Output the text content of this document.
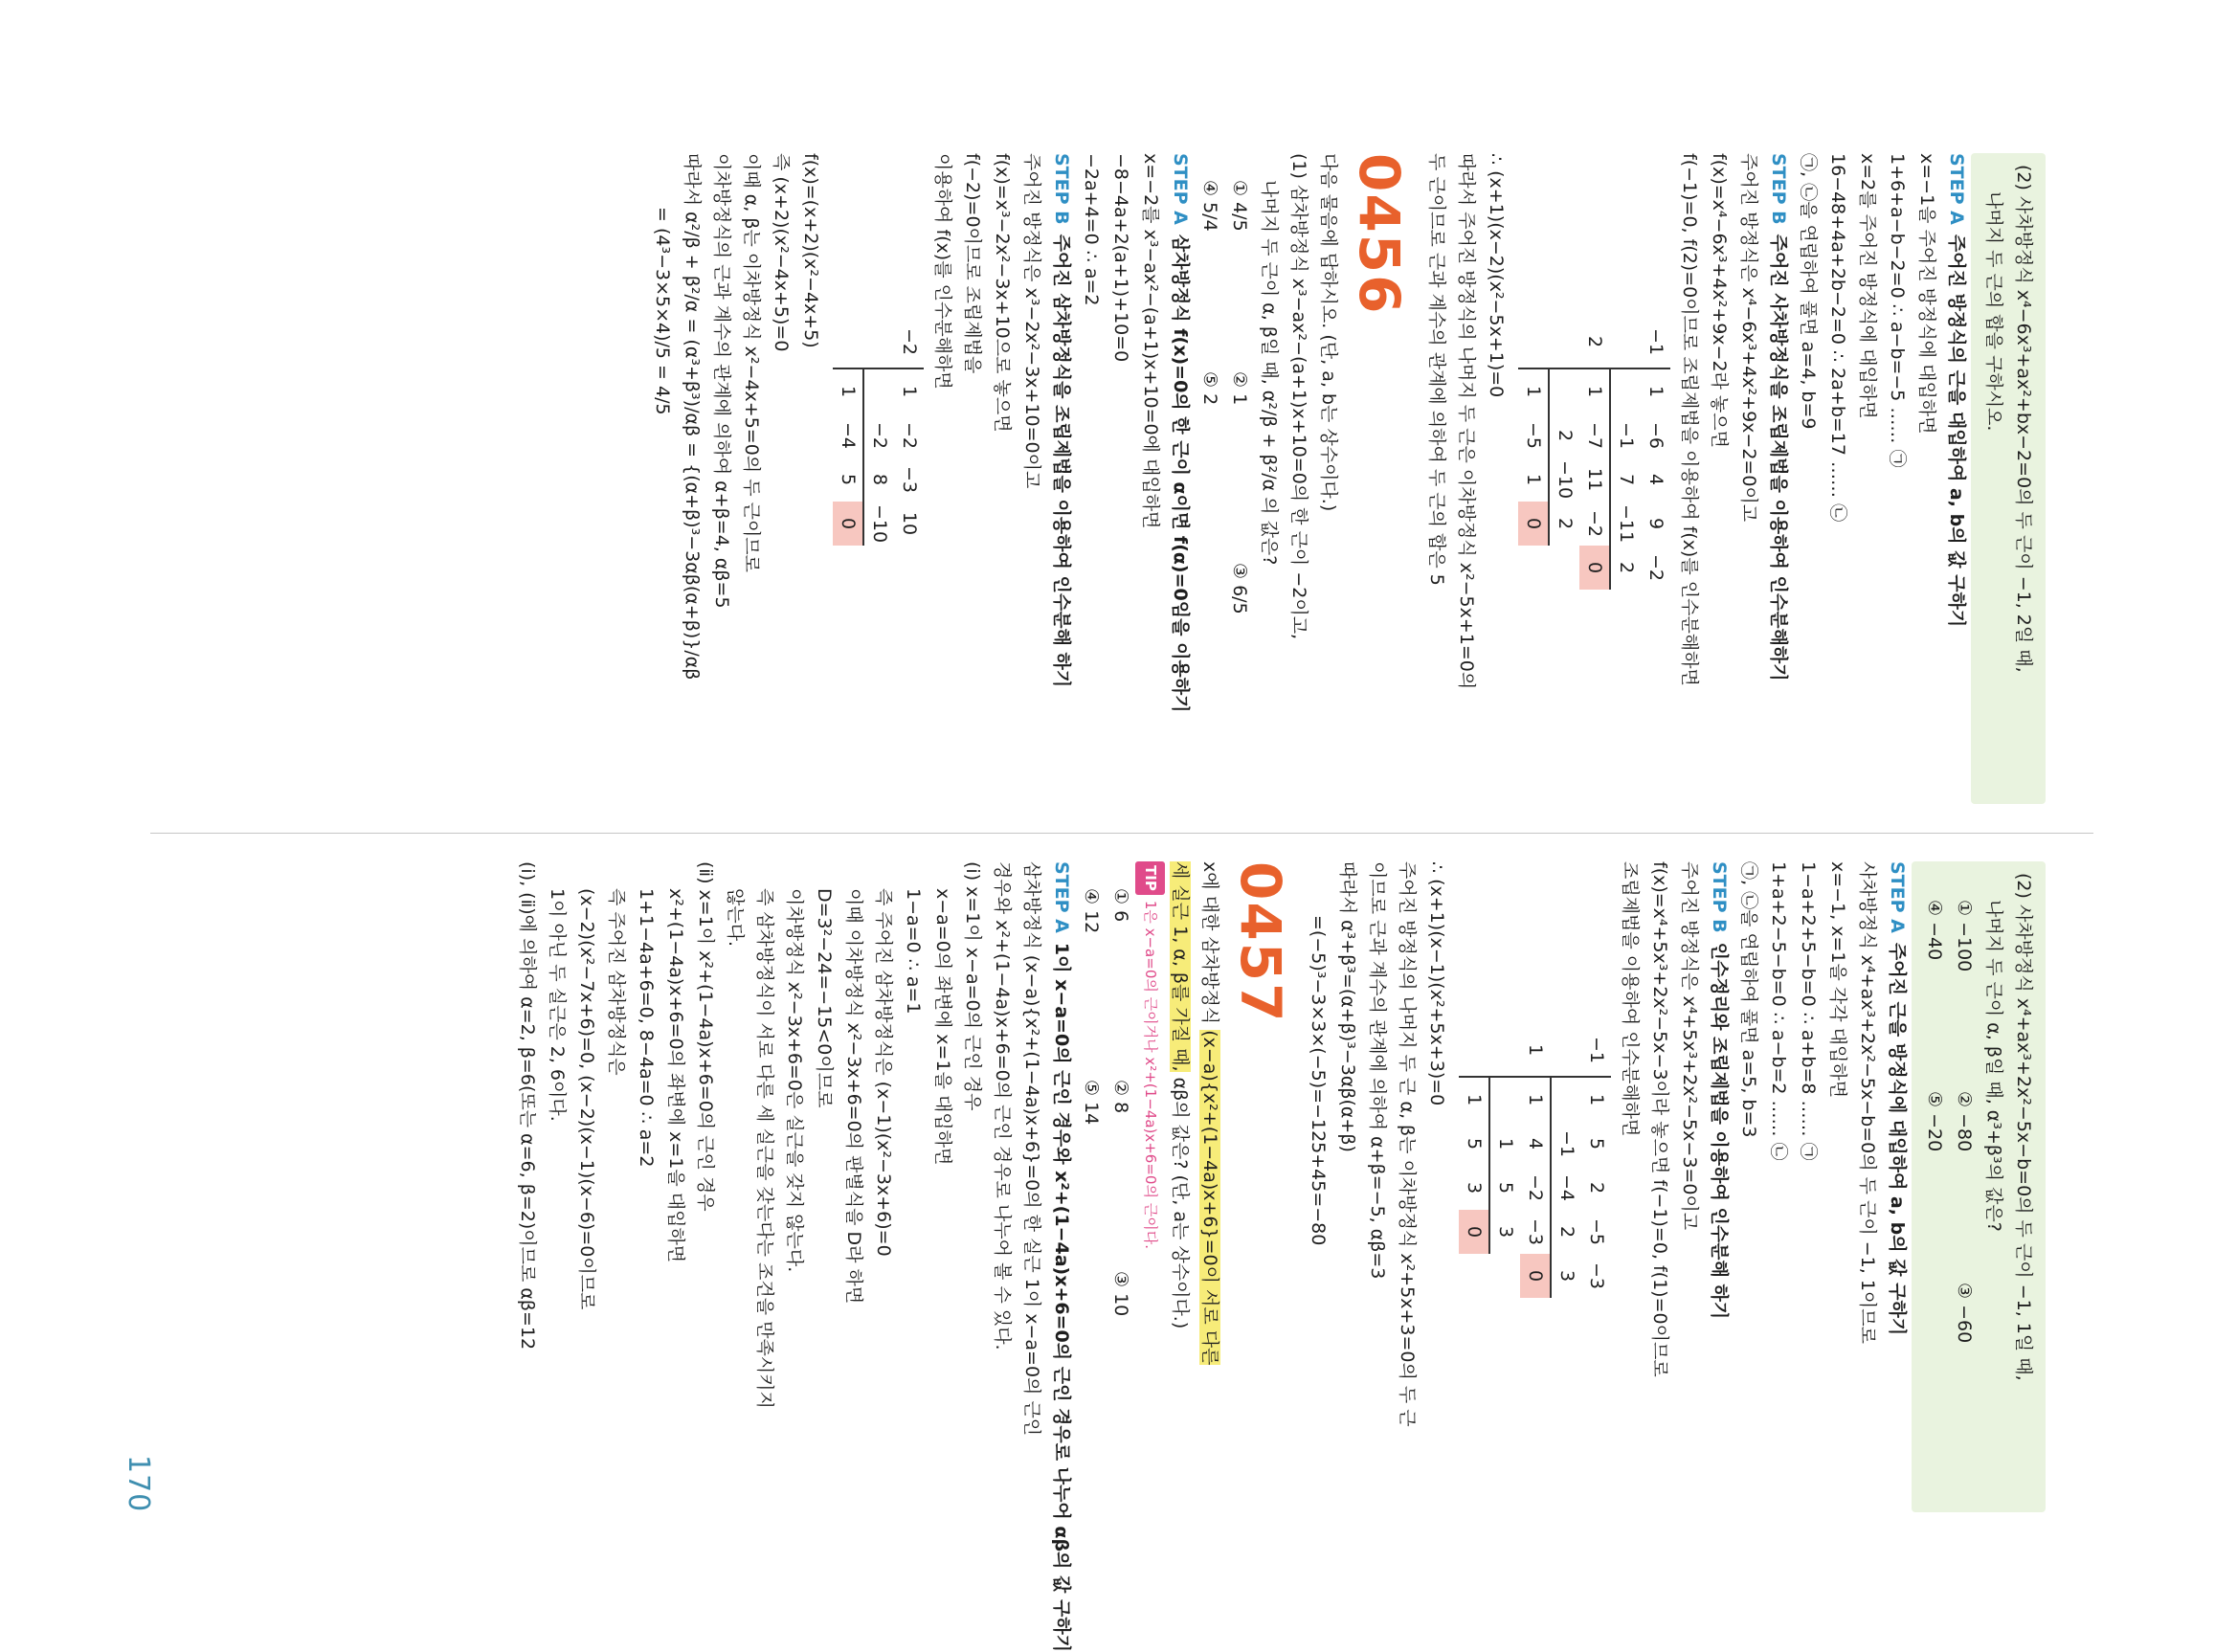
170

(2) 사차방정식 x⁴−6x³+ax²+bx−2=0의 두 근이 −1, 2일 때,

나머지 두 근의 합을 구하시오.

STEP A주어진 방정식의 근을 대입하여 a, b의 값 구하기

x=−1을 주어진 방정식에 대입하면

1+6+a−b−2=0 ∴ a−b=−5 …… ㉠

x=2를 주어진 방정식에 대입하면

16−48+4a+2b−2=0 ∴ 2a+b=17 …… ㉡

㉠, ㉡을 연립하여 풀면 a=4, b=9

STEP B주어진 사차방정식을 조립제법을 이용하여 인수분해하기

주어진 방정식은 x⁴−6x³+4x²+9x−2=0이고

f(x)=x⁴−6x³+4x²+9x−2라 놓으면

f(−1)=0, f(2)=0이므로 조립제법을 이용하여 f(x)를 인수분해하면

−1	1	−6	4	9	−2
		−1	7	−11	2
2	1	−7	11	−2	0
		2	−10	2	
	1	−5	1	0	

∴ (x+1)(x−2)(x²−5x+1)=0

따라서 주어진 방정식의 나머지 두 근은 이차방정식 x²−5x+1=0의

두 근이므로 근과 계수의 관계에 의하여 두 근의 합은 5

0456

다음 물음에 답하시오. (단, a, b는 상수이다.)

(1) 삼차방정식 x³−ax²−(a+1)x+10=0의 한 근이 −2이고,

나머지 두 근이 α, β일 때, α²/β + β²/α 의 값은?

① 4/5
② 1
③ 6/5
④ 5/4
⑤ 2

STEP A삼차방정식 f(x)=0의 한 근이 α이면 f(α)=0임을 이용하기

x=−2를 x³−ax²−(a+1)x+10=0에 대입하면

−8−4a+2(a+1)+10=0

−2a+4=0 ∴ a=2

STEP B주어진 삼차방정식을 조립제법을 이용하여 인수분해 하기

주어진 방정식은 x³−2x²−3x+10=0이고

f(x)=x³−2x²−3x+10으로 놓으면

f(−2)=0이므로 조립제법을

이용하여 f(x)를 인수분해하면

−2	1	−2	−3	10
		−2	8	−10
	1	−4	5	0

f(x)=(x+2)(x²−4x+5)

즉 (x+2)(x²−4x+5)=0

이때 α, β는 이차방정식 x²−4x+5=0의 두 근이므로

이차방정식의 근과 계수의 관계에 의하여 α+β=4, αβ=5

따라서 α²/β + β²/α = (α³+β³)/αβ = {(α+β)³−3αβ(α+β)}/αβ

= (4³−3×5×4)/5 = 4/5

(2) 사차방정식 x⁴+ax³+2x²−5x−b=0의 두 근이 −1, 1일 때,

나머지 두 근이 α, β일 때, α³+β³의 값은?

① −100
② −80
③ −60
④ −40
⑤ −20

STEP A주어진 근을 방정식에 대입하여 a, b의 값 구하기

사차방정식 x⁴+ax³+2x²−5x−b=0의 두 근이 −1, 1이므로

x=−1, x=1을 각각 대입하면

1−a+2+5−b=0 ∴ a+b=8 …… ㉠

1+a+2−5−b=0 ∴ a−b=2 …… ㉡

㉠, ㉡을 연립하여 풀면 a=5, b=3

STEP B인수정리와 조립제법을 이용하여 인수분해 하기

주어진 방정식은 x⁴+5x³+2x²−5x−3=0이고

f(x)=x⁴+5x³+2x²−5x−3이라 놓으면 f(−1)=0, f(1)=0이므로

조립제법을 이용하여 인수분해하면

−1	1	5	2	−5	−3
		−1	−4	2	3
1	1	4	−2	−3	0
		1	5	3	
	1	5	3	0	

∴ (x+1)(x−1)(x²+5x+3)=0

주어진 방정식의 나머지 두 근 α, β는 이차방정식 x²+5x+3=0의 두 근

이므로 근과 계수의 관계에 의하여 α+β=−5, αβ=3

따라서 α³+β³=(α+β)³−3αβ(α+β)

=(−5)³−3×3×(−5)=−125+45=−80

0457

x에 대한 삼차방정식 (x−a){x²+(1−4a)x+6}=0이 서로 다른

세 실근 1, α, β를 가질 때, αβ의 값은? (단, a는 상수이다.)

TIP1은 x−a=0의 근이거나 x²+(1−4a)x+6=0의 근이다.

① 6
② 8
③ 10
④ 12
⑤ 14

STEP A1이 x−a=0의 근인 경우와 x²+(1−4a)x+6=0의 근인 경우로 나누어 αβ의 값 구하기

삼차방정식 (x−a){x²+(1−4a)x+6}=0의 한 실근 1이 x−a=0의 근인

경우와 x²+(1−4a)x+6=0의 근인 경우로 나누어 볼 수 있다.

(ⅰ) x=1이 x−a=0의 근인 경우

x−a=0의 좌변에 x=1을 대입하면

1−a=0 ∴ a=1

즉 주어진 삼차방정식은 (x−1)(x²−3x+6)=0

이때 이차방정식 x²−3x+6=0의 판별식을 D라 하면

D=3²−24=−15<0이므로

이차방정식 x²−3x+6=0은 실근을 갖지 않는다.

즉 삼차방정식이 서로 다른 세 실근을 갖는다는 조건을 만족시키지

않는다.

(ⅱ) x=1이 x²+(1−4a)x+6=0의 근인 경우

x²+(1−4a)x+6=0의 좌변에 x=1을 대입하면

1+1−4a+6=0, 8−4a=0 ∴ a=2

즉 주어진 삼차방정식은

(x−2)(x²−7x+6)=0, (x−2)(x−1)(x−6)=0이므로

1이 아닌 두 실근은 2, 6이다.

(ⅰ), (ⅱ)에 의하여 α=2, β=6(또는 α=6, β=2)이므로 αβ=12
